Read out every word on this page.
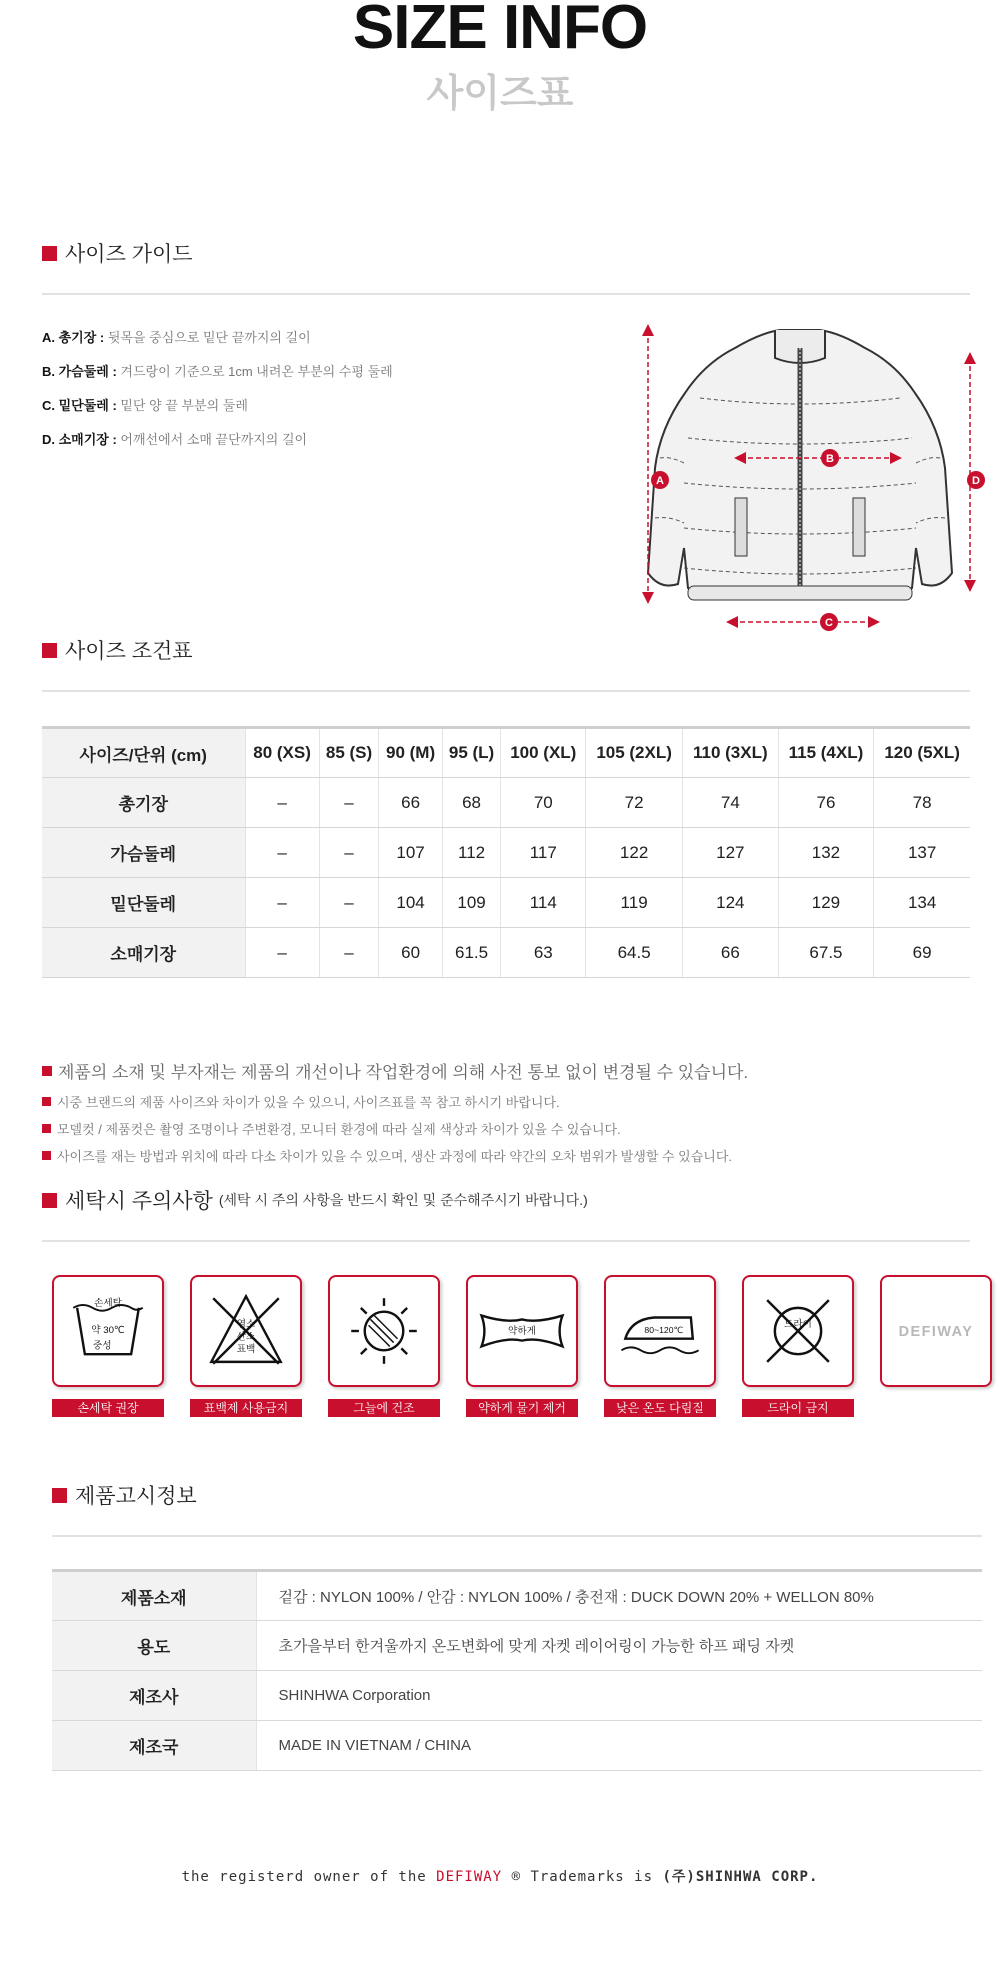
SIZE INFO
사이즈표
사이즈 가이드
A. 총기장 : 뒷목을 중심으로 밑단 끝까지의 길이
B. 가슴둘레 : 겨드랑이 기준으로 1cm 내려온 부분의 수평 둘레
C. 밑단둘레 : 밑단 양 끝 부분의 둘레
D. 소매기장 : 어깨선에서 소매 끝단까지의 길이
A
B
C
D
사이즈 조건표
사이즈/단위 (cm)	80 (XS)	85 (S)	90 (M)	95 (L)	100 (XL)	105 (2XL)	110 (3XL)	115 (4XL)	120 (5XL)
총기장	–	–	66	68	70	72	74	76	78
가슴둘레	–	–	107	112	117	122	127	132	137
밑단둘레	–	–	104	109	114	119	124	129	134
소매기장	–	–	60	61.5	63	64.5	66	67.5	69
제품의 소재 및 부자재는 제품의 개선이나 작업환경에 의해 사전 통보 없이 변경될 수 있습니다.
시중 브랜드의 제품 사이즈와 차이가 있을 수 있으니, 사이즈표를 꼭 참고 하시기 바랍니다.
모델컷 / 제품컷은 촬영 조명이나 주변환경, 모니터 환경에 따라 실제 색상과 차이가 있을 수 있습니다.
사이즈를 재는 방법과 위치에 따라 다소 차이가 있을 수 있으며, 생산 과정에 따라 약간의 오차 범위가 발생할 수 있습니다.
세탁시 주의사항 (세탁 시 주의 사항을 반드시 확인 및 준수해주시기 바랍니다.)
손세탁
약 30℃
중성
손세탁 권장
염소
산소
표백
표백제 사용금지	그늘에 건조
약하게
약하게 물기 제거
80~120℃
낮은 온도 다림질
드라이
드라이 금지
DEFIWAY
제품고시정보
제품소재	겉감 : NYLON 100% / 안감 : NYLON 100% / 충전재 : DUCK DOWN 20% + WELLON 80%
용도	초가을부터 한겨울까지 온도변화에 맞게 자켓 레이어링이 가능한 하프 패딩 자켓
제조사	SHINHWA Corporation
제조국	MADE IN VIETNAM / CHINA
the registerd owner of the DEFIWAY ® Trademarks is (주)SHINHWA CORP.
